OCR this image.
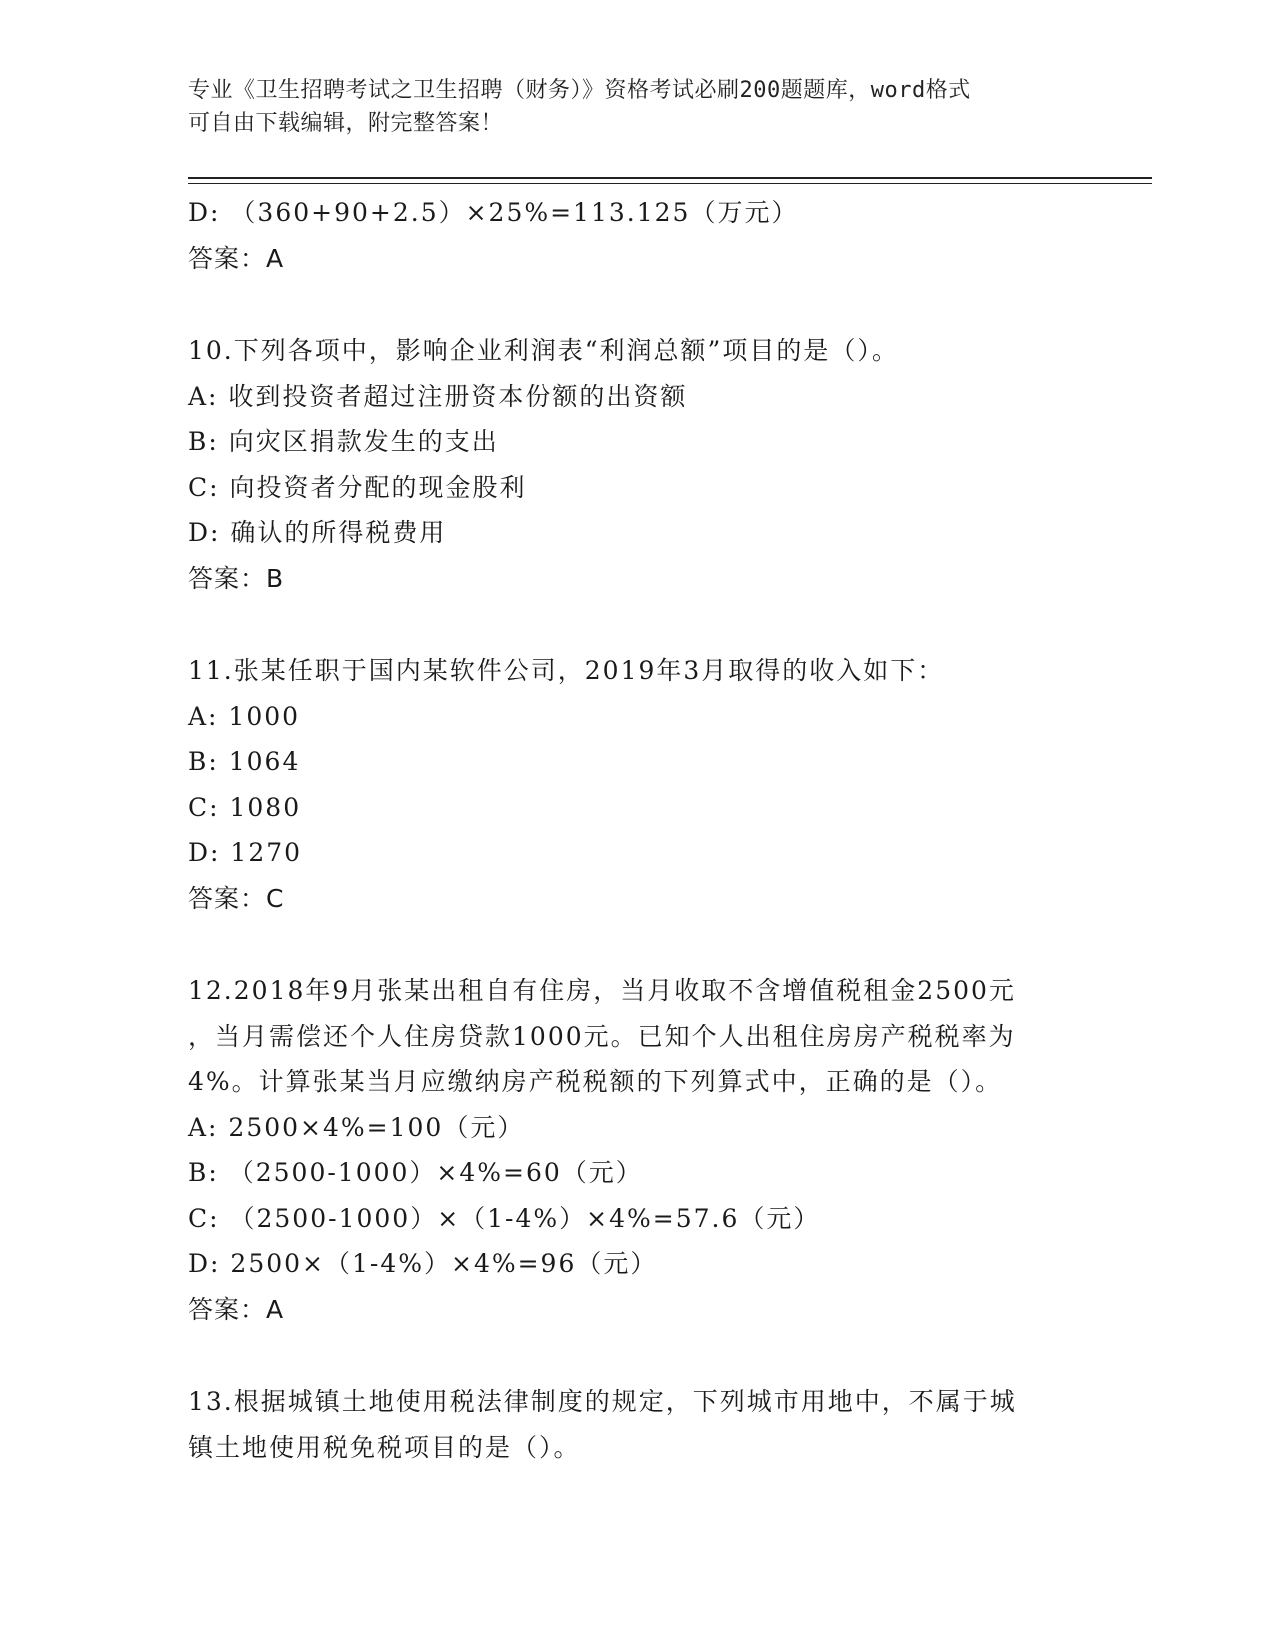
专业《卫生招聘考试之卫生招聘（财务）》资格考试必刷200题题库，word格式
可自由下载编辑，附完整答案！
D: （360+90+2.5）×25%=113.125（万元）
答案：A
10.下列各项中，影响企业利润表“利润总额”项目的是（）。
A: 收到投资者超过注册资本份额的出资额
B: 向灾区捐款发生的支出
C: 向投资者分配的现金股利
D: 确认的所得税费用
答案：B
11.张某任职于国内某软件公司，2019年3月取得的收入如下：
A: 1000
B: 1064
C: 1080
D: 1270
答案：C
12.2018年9月张某出租自有住房，当月收取不含增值税租金2500元
，当月需偿还个人住房贷款1000元。已知个人出租住房房产税税率为
4%。计算张某当月应缴纳房产税税额的下列算式中，正确的是（）。
A: 2500×4%=100（元）
B: （2500-1000）×4%=60（元）
C: （2500-1000）×（1-4%）×4%=57.6（元）
D: 2500×（1-4%）×4%=96（元）
答案：A
13.根据城镇土地使用税法律制度的规定，下列城市用地中，不属于城
镇土地使用税免税项目的是（）。
